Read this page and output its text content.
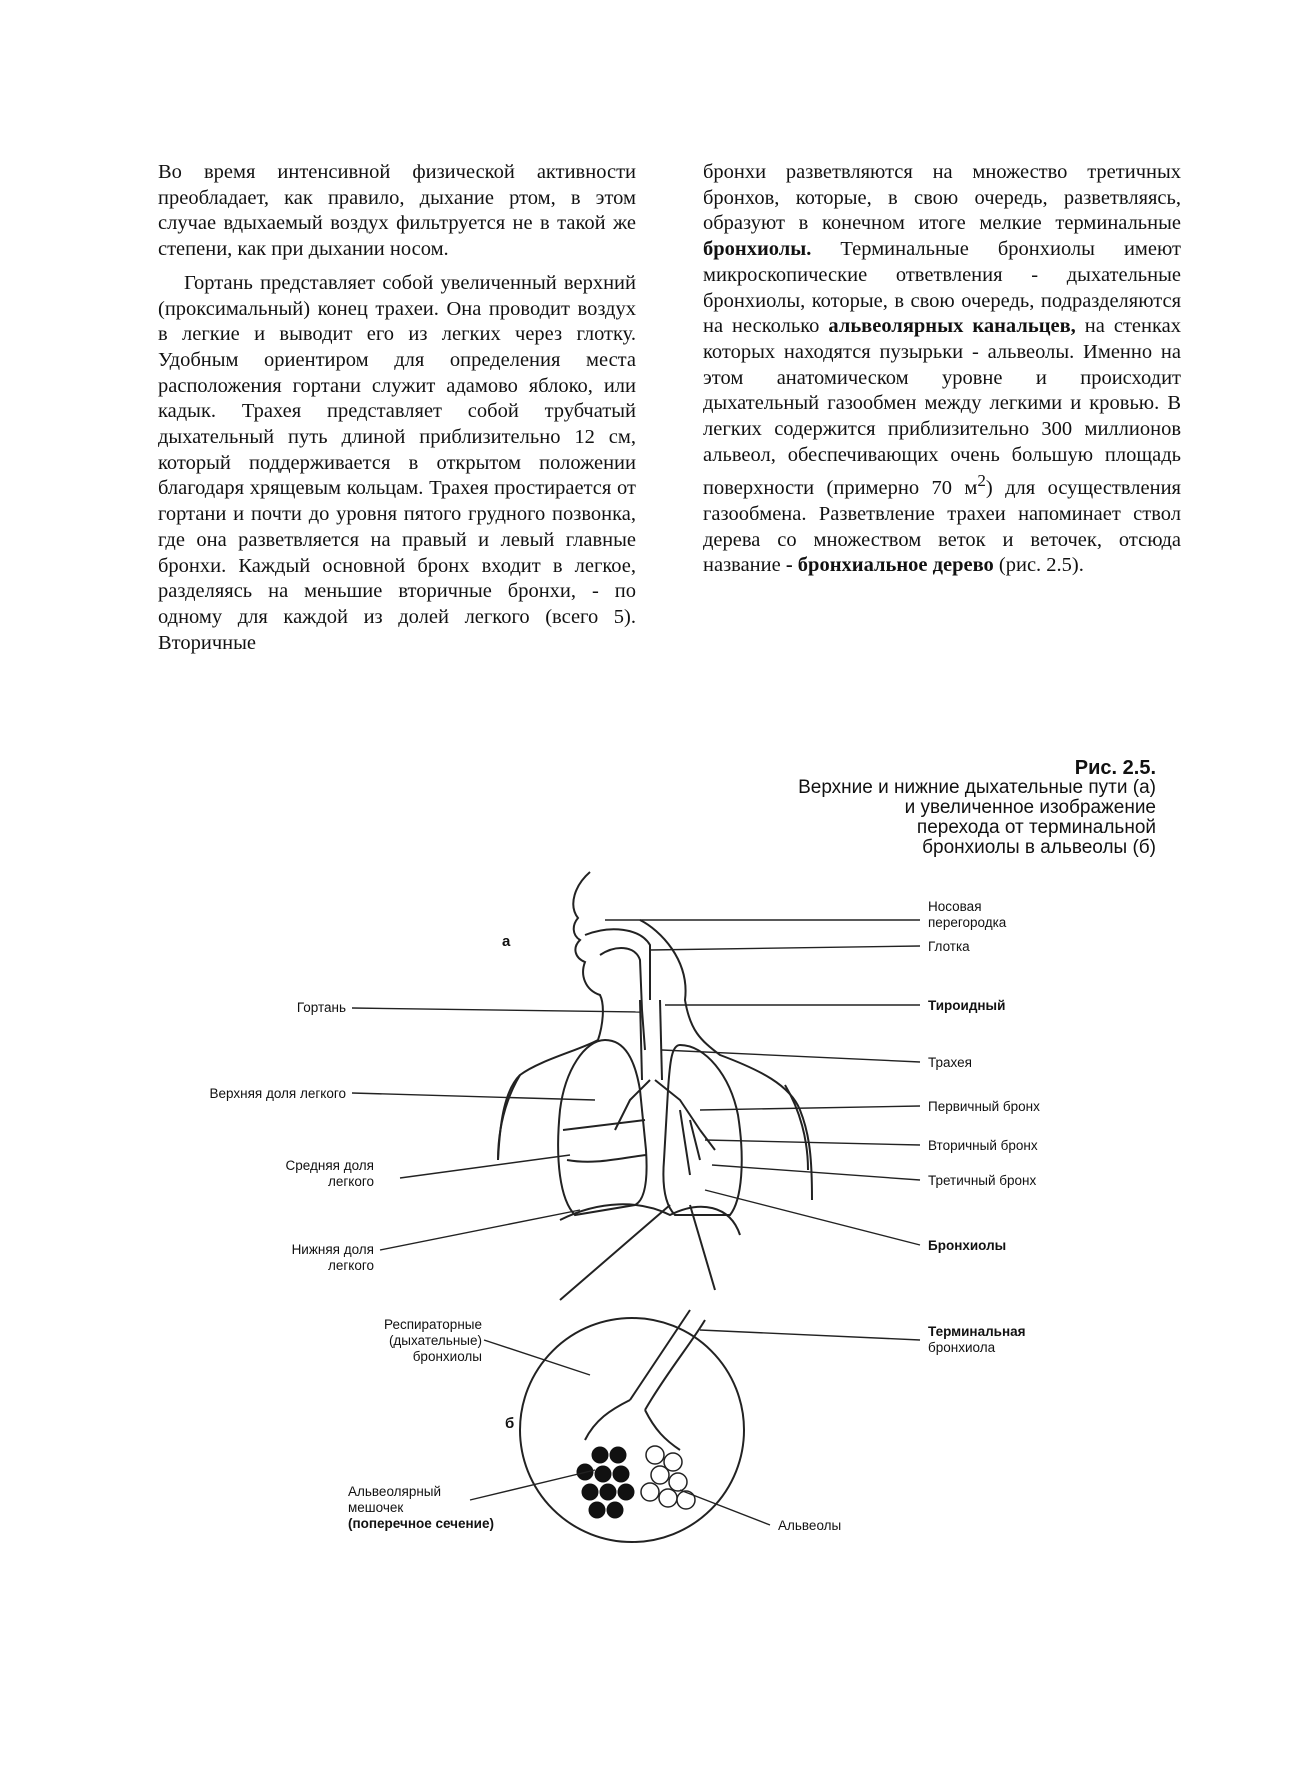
Во время интенсивной физической активности преобладает, как правило, дыхание ртом, в этом случае вдыхаемый воздух фильтруется не в такой же степени, как при дыхании носом.

Гортань представляет собой увеличенный верхний (проксимальный) конец трахеи. Она проводит воздух в легкие и выводит его из легких через глотку. Удобным ориентиром для определения места расположения гортани служит адамово яблоко, или кадык. Трахея представляет собой трубчатый дыхательный путь длиной приблизительно 12 см, который поддерживается в открытом положении благодаря хрящевым кольцам. Трахея простирается от гортани и почти до уровня пятого грудного позвонка, где она разветвляется на правый и левый главные бронхи. Каждый основной бронх входит в легкое, разделяясь на меньшие вторичные бронхи, - по одному для каждой из долей легкого (всего 5). Вторичные

бронхи разветвляются на множество третичных бронхов, которые, в свою очередь, разветвляясь, образуют в конечном итоге мелкие терминальные бронхиолы. Терминальные бронхиолы имеют микроскопические ответвления - дыхательные бронхиолы, которые, в свою очередь, подразделяются на несколько альвеолярных канальцев, на стенках которых находятся пузырьки - альвеолы. Именно на этом анатомическом уровне и происходит дыхательный газообмен между легкими и кровью. В легких содержится приблизительно 300 миллионов альвеол, обеспечивающих очень большую площадь поверхности (примерно 70 $м^2$) для осуществления газообмена. Разветвление трахеи напоминает ствол дерева со множеством веток и веточек, отсюда название - бронхиальное дерево (рис. 2.5).

Рис. 2.5.
Верхние и нижние дыхательные пути (а)
и увеличенное изображение
перехода от терминальной
бронхиолы в альвеолы (б)
а
б
Носовая
перегородка
Глотка
Тироидный
Трахея
Первичный бронх
Вторичный бронх
Третичный бронх
Бронхиолы
Гортань
Верхняя доля легкого
Средняя доля
легкого
Нижняя доля
легкого
Респираторные
(дыхательные)
бронхиолы
Терминальная
бронхиола
Альвеолярный
мешочек
(поперечное сечение)	Альвеолы
